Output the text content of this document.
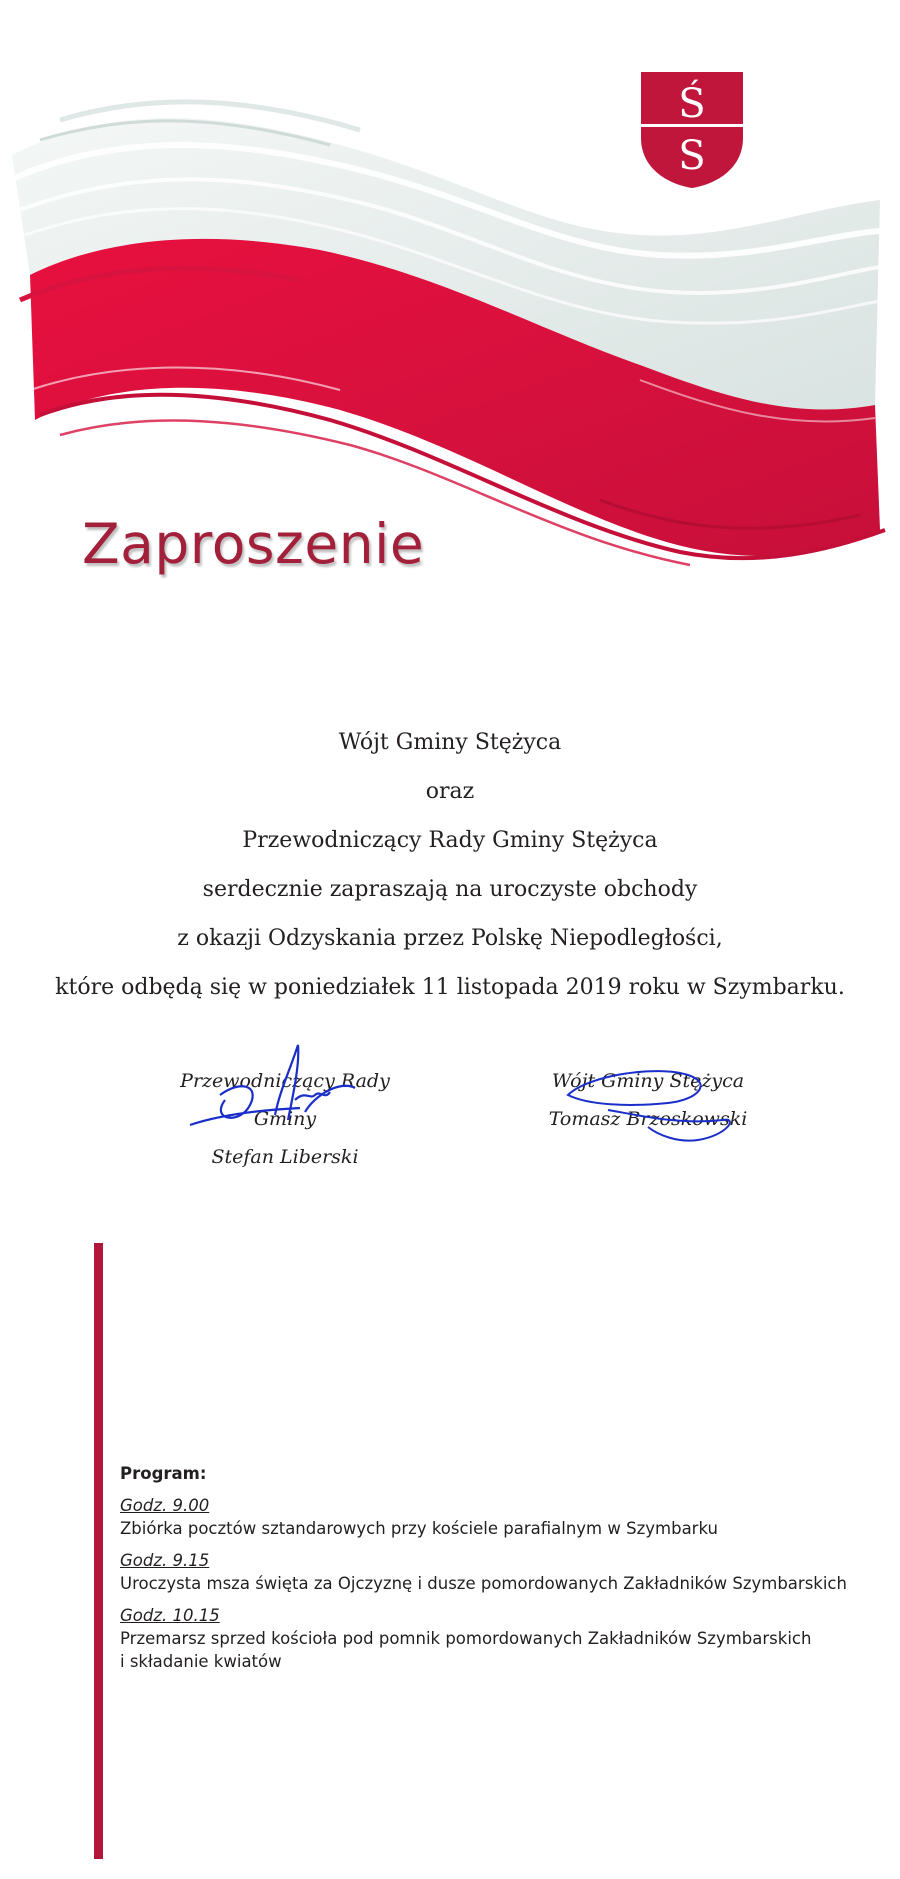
Ś
S
Zaproszenie

Wójt Gminy Stężyca

oraz

Przewodniczący Rady Gminy Stężyca

serdecznie zapraszają na uroczyste obchody

z okazji Odzyskania przez Polskę Niepodległości,

które odbędą się w poniedziałek 11 listopada 2019 roku w Szymbarku.

Przewodniczący Rady Gminy

Stefan Liberski

Wójt Gminy Stężyca

Tomasz Brzoskowski

Program:

Godz. 9.00
Zbiórka pocztów sztandarowych przy kościele parafialnym w Szymbarku
Godz. 9.15
Uroczysta msza święta za Ojczyznę i dusze pomordowanych Zakładników Szymbarskich
Godz. 10.15
Przemarsz sprzed kościoła pod pomnik pomordowanych Zakładników Szymbarskich i składanie kwiatów
